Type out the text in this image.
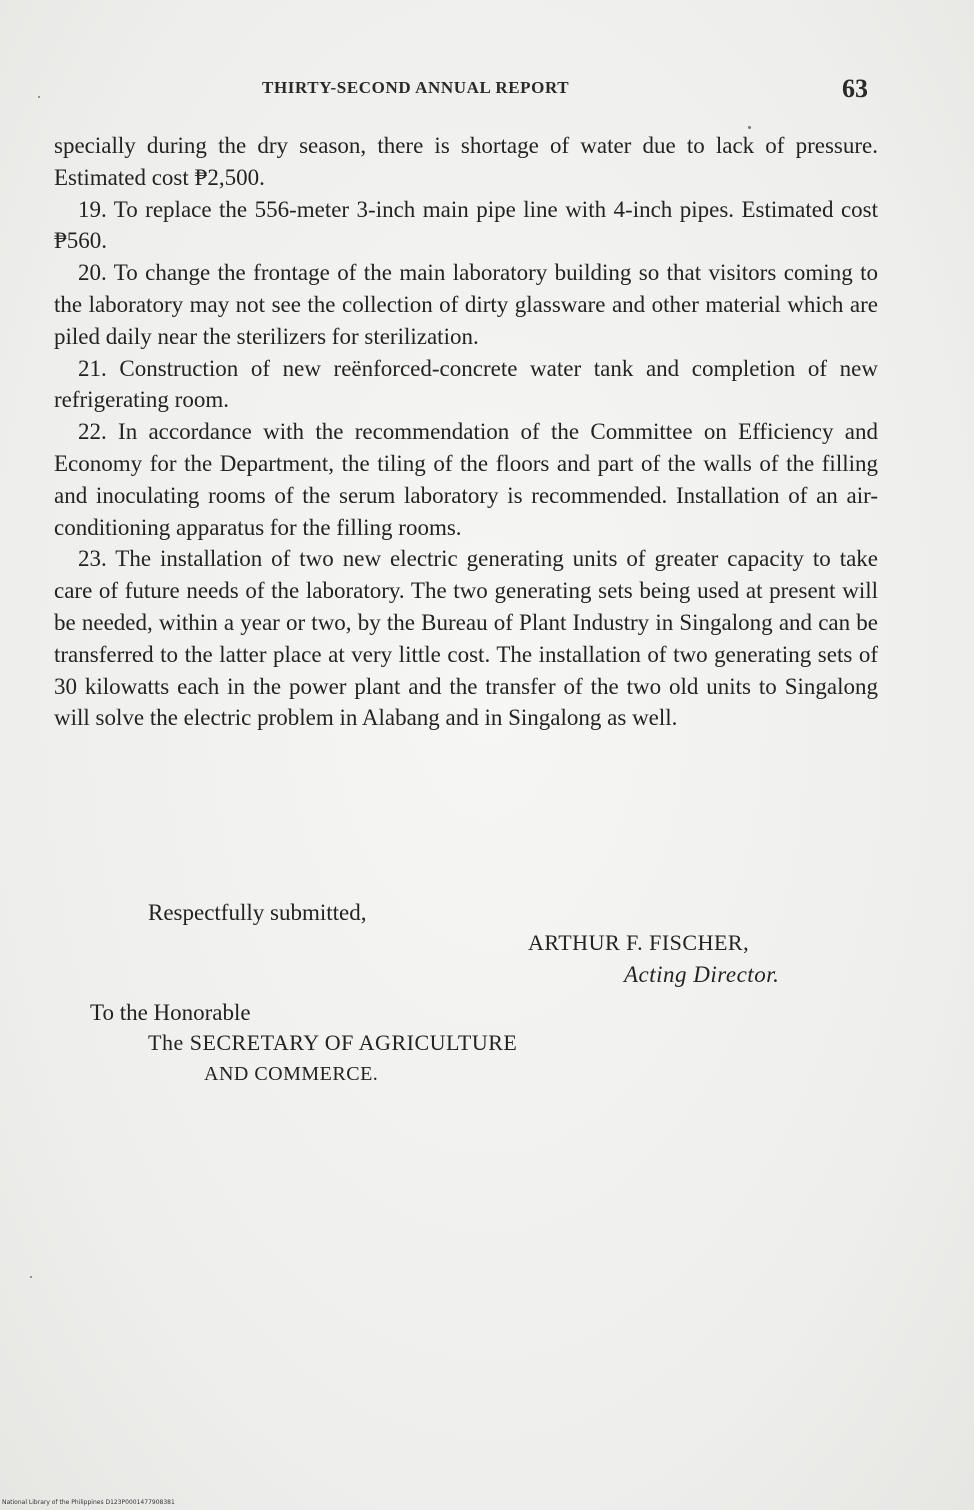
THIRTY-SECOND ANNUAL REPORT	63

specially during the dry season, there is shortage of water due to lack of pressure. Estimated cost ₱2,500.

19. To replace the 556-meter 3-inch main pipe line with 4-inch pipes. Estimated cost ₱560.

20. To change the frontage of the main laboratory building so that visitors coming to the laboratory may not see the collection of dirty glassware and other material which are piled daily near the sterilizers for sterilization.

21. Construction of new reënforced-concrete water tank and completion of new refrigerating room.

22. In accordance with the recommendation of the Committee on Efficiency and Economy for the Department, the tiling of the floors and part of the walls of the filling and inoculating rooms of the serum laboratory is recommended. Installation of an air-conditioning apparatus for the filling rooms.

23. The installation of two new electric generating units of greater capacity to take care of future needs of the laboratory. The two generating sets being used at present will be needed, within a year or two, by the Bureau of Plant Industry in Singalong and can be transferred to the latter place at very little cost. The installation of two generating sets of 30 kilowatts each in the power plant and the transfer of the two old units to Singalong will solve the electric problem in Alabang and in Singalong as well.

Respectfully submitted,
ARTHUR F. FISCHER,
Acting Director.
To the Honorable
The SECRETARY OF AGRICULTURE
AND COMMERCE.
National Library of the Philippines D123P0001477908381
